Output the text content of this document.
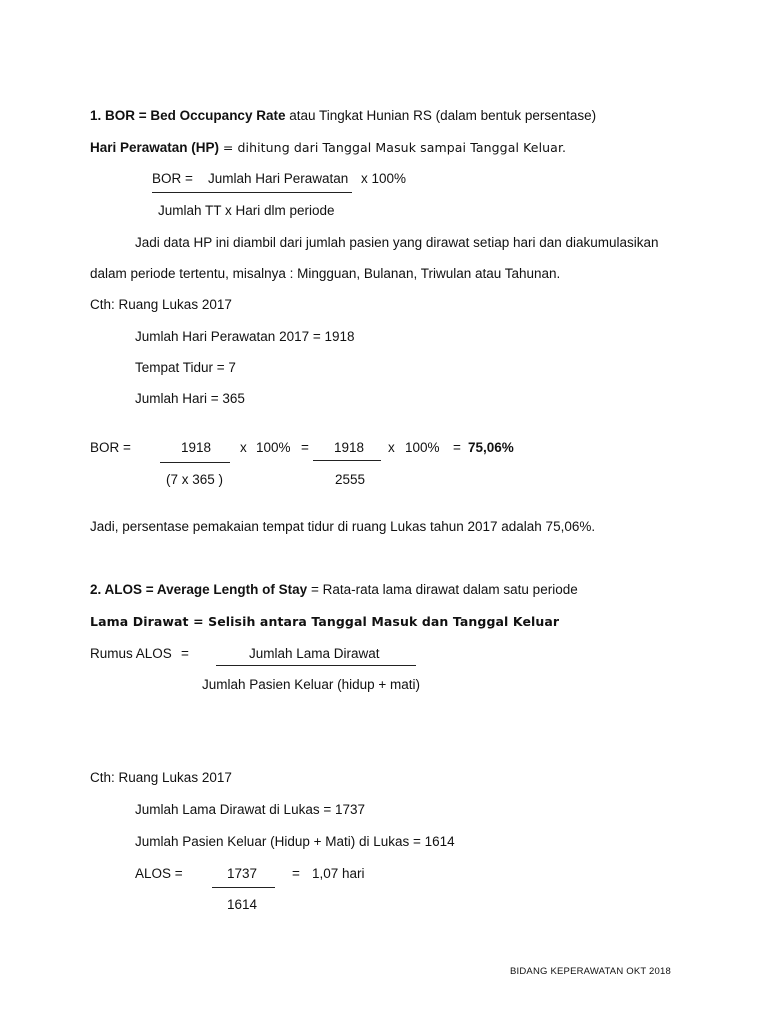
1. BOR = Bed Occupancy Rate atau Tingkat Hunian RS (dalam bentuk persentase)
Hari Perawatan (HP) = dihitung dari Tanggal Masuk sampai Tanggal Keluar.
BOR = Jumlah Hari Perawatan x 100%
Jumlah TT x Hari dlm periode
Jadi data HP ini diambil dari jumlah pasien yang dirawat setiap hari dan diakumulasikan
dalam periode tertentu, misalnya : Mingguan, Bulanan, Triwulan atau Tahunan.
Cth: Ruang Lukas 2017
Jumlah Hari Perawatan 2017 = 1918
Tempat Tidur = 7
Jumlah Hari = 365
BOR =	1918
(7 x 365 )
x 100% = 1918
2555
x 100% = 75,06%
Jadi, persentase pemakaian tempat tidur di ruang Lukas tahun 2017 adalah 75,06%.
2. ALOS = Average Length of Stay = Rata-rata lama dirawat dalam satu periode
Lama Dirawat = Selisih antara Tanggal Masuk dan Tanggal Keluar
Rumus ALOS =	Jumlah Lama Dirawat
Jumlah Pasien Keluar (hidup + mati)
Cth: Ruang Lukas 2017
Jumlah Lama Dirawat di Lukas = 1737
Jumlah Pasien Keluar (Hidup + Mati) di Lukas = 1614
ALOS =	1737
1614
= 1,07 hari
BIDANG KEPERAWATAN OKT 2018
